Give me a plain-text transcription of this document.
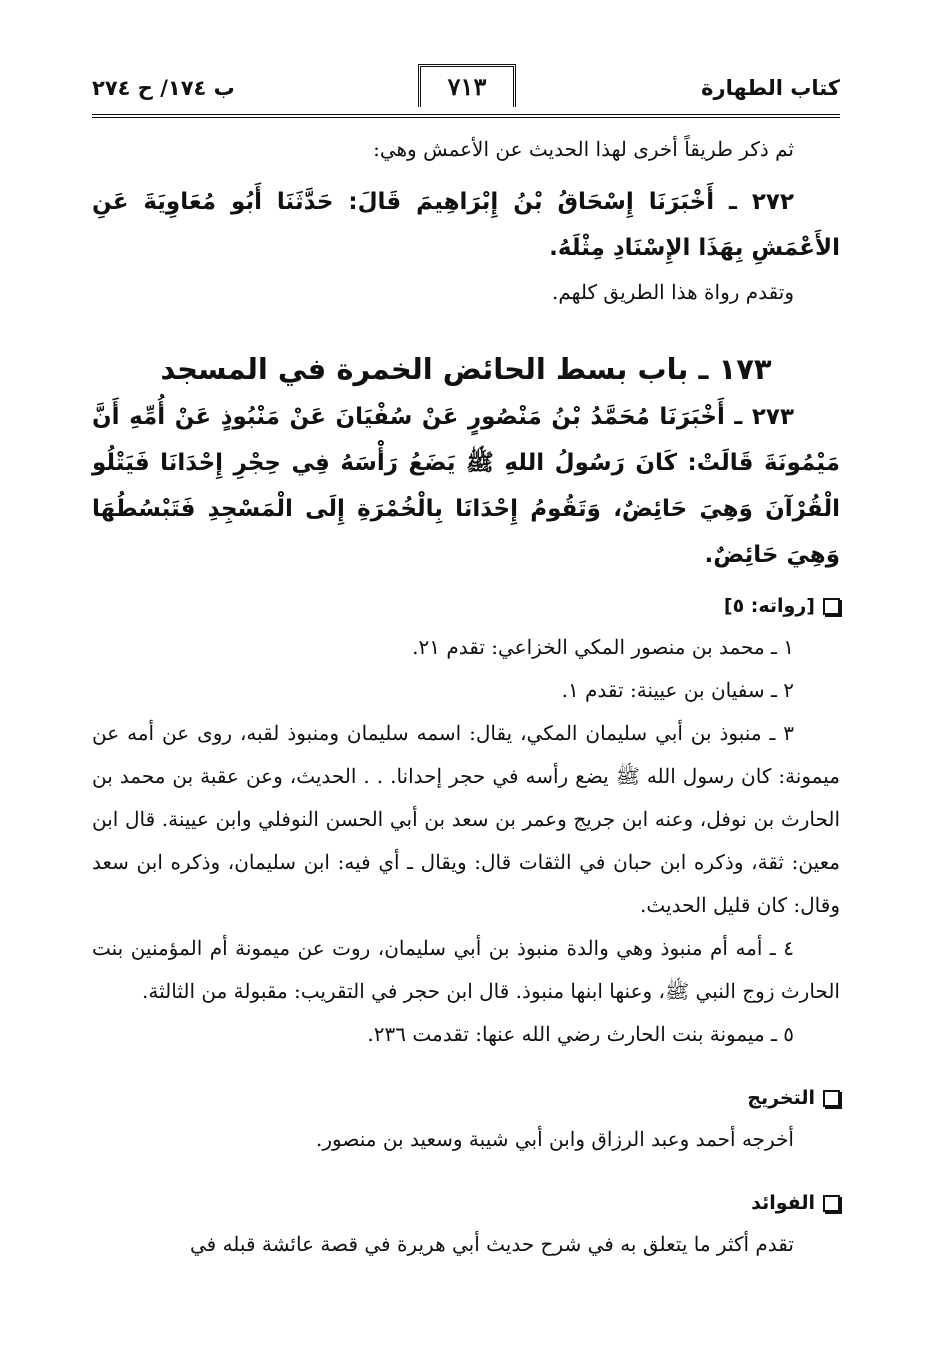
كتاب الطهارة
٧١٣
ب ١٧٤/ ح ٢٧٤

ثم ذكر طريقاً أخرى لهذا الحديث عن الأعمش وهي:

٢٧٢ ـ أَخْبَرَنَا إِسْحَاقُ بْنُ إِبْرَاهِيمَ قَالَ: حَدَّثَنَا أَبُو مُعَاوِيَةَ عَنِ الأَعْمَشِ بِهَذَا الإِسْنَادِ مِثْلَهُ.

وتقدم رواة هذا الطريق كلهم.

١٧٣ ـ باب بسط الحائض الخمرة في المسجد

٢٧٣ ـ أَخْبَرَنَا مُحَمَّدُ بْنُ مَنْصُورٍ عَنْ سُفْيَانَ عَنْ مَنْبُوذٍ عَنْ أُمِّهِ أَنَّ مَيْمُونَةَ قَالَتْ: كَانَ رَسُولُ اللهِ ﷺ يَضَعُ رَأْسَهُ فِي حِجْرِ إِحْدَانَا فَيَتْلُو الْقُرْآنَ وَهِيَ حَائِضٌ، وَتَقُومُ إِحْدَانَا بِالْخُمْرَةِ إِلَى الْمَسْجِدِ فَتَبْسُطُهَا وَهِيَ حَائِضٌ.

[رواته: ٥]

١ ـ محمد بن منصور المكي الخزاعي: تقدم ٢١.

٢ ـ سفيان بن عيينة: تقدم ١.

٣ ـ منبوذ بن أبي سليمان المكي، يقال: اسمه سليمان ومنبوذ لقبه، روى عن أمه عن ميمونة: كان رسول الله ﷺ يضع رأسه في حجر إحدانا. . . الحديث، وعن عقبة بن محمد بن الحارث بن نوفل، وعنه ابن جريج وعمر بن سعد بن أبي الحسن النوفلي وابن عيينة. قال ابن معين: ثقة، وذكره ابن حبان في الثقات قال: ويقال ـ أي فيه: ابن سليمان، وذكره ابن سعد وقال: كان قليل الحديث.

٤ ـ أمه أم منبوذ وهي والدة منبوذ بن أبي سليمان، روت عن ميمونة أم المؤمنين بنت الحارث زوج النبي ﷺ، وعنها ابنها منبوذ. قال ابن حجر في التقريب: مقبولة من الثالثة.

٥ ـ ميمونة بنت الحارث رضي الله عنها: تقدمت ٢٣٦.

التخريج

أخرجه أحمد وعبد الرزاق وابن أبي شيبة وسعيد بن منصور.

الفوائد

تقدم أكثر ما يتعلق به في شرح حديث أبي هريرة في قصة عائشة قبله في
